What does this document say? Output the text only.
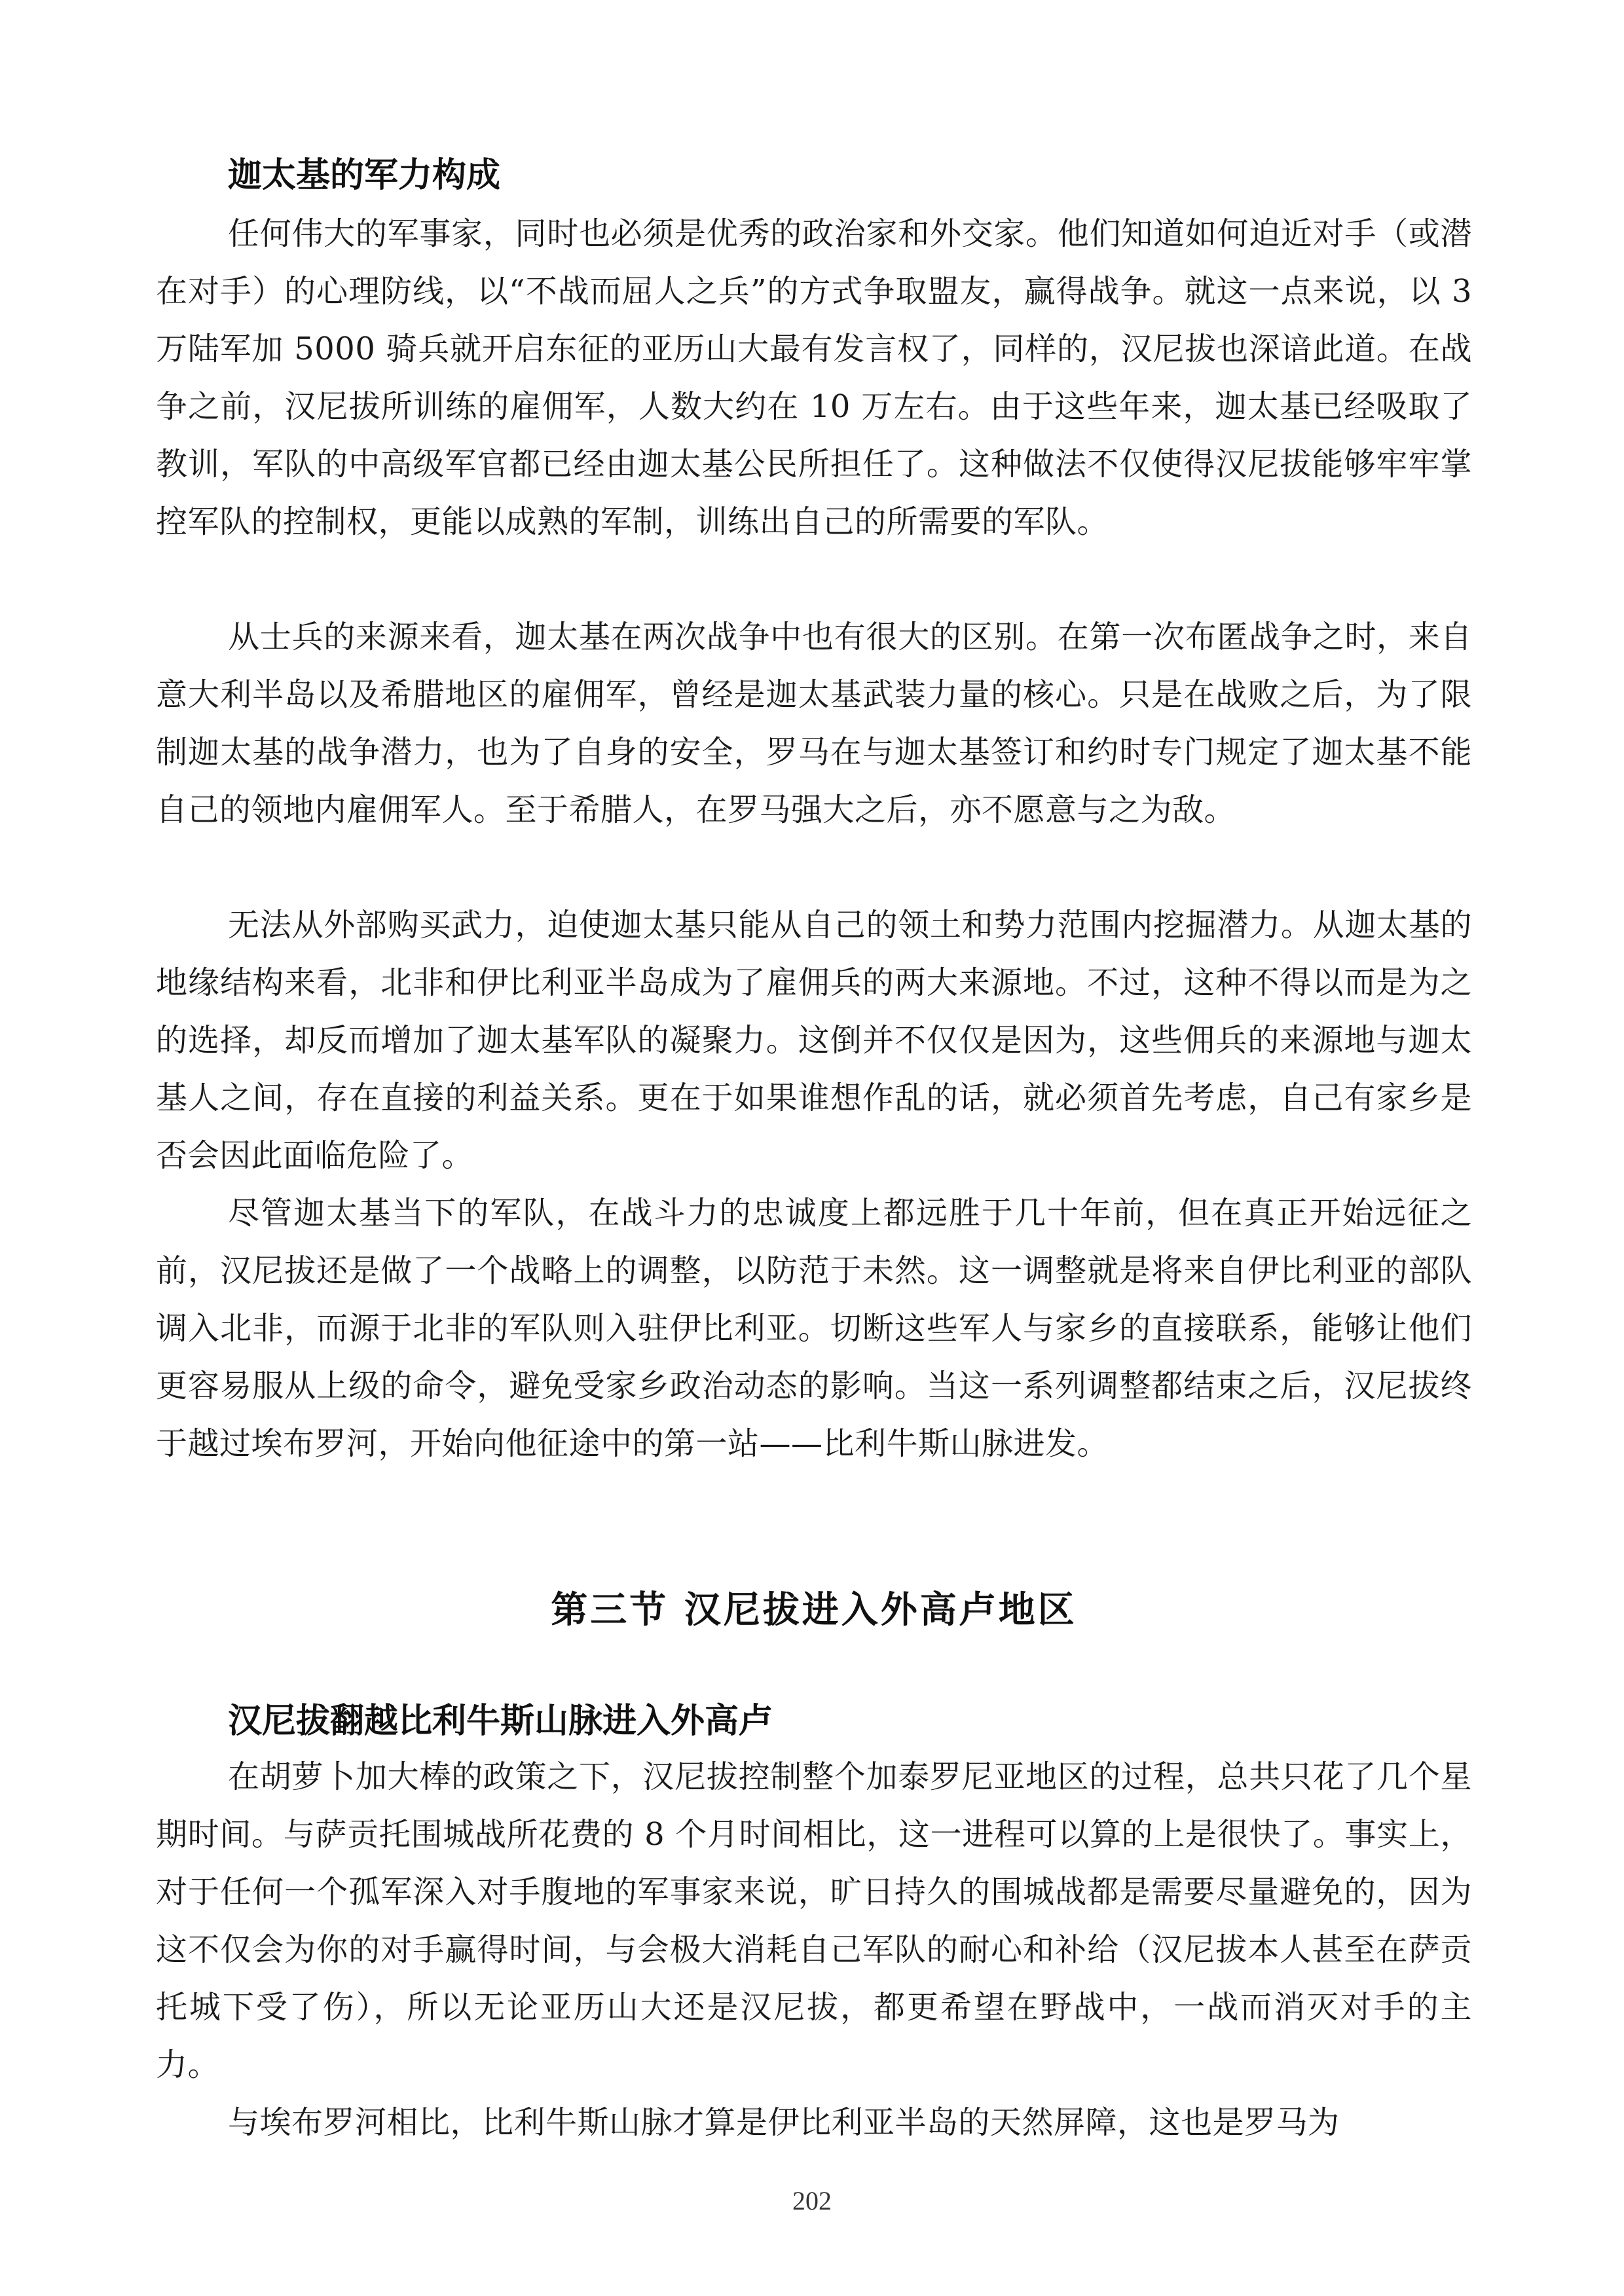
迦太基的军力构成
任何伟大的军事家，同时也必须是优秀的政治家和外交家。他们知道如何迫近对手（或潜在对手）的心理防线，以“不战而屈人之兵”的方式争取盟友，赢得战争。就这一点来说，以 3 万陆军加 5000 骑兵就开启东征的亚历山大最有发言权了，同样的，汉尼拔也深谙此道。在战争之前，汉尼拔所训练的雇佣军，人数大约在 10 万左右。由于这些年来，迦太基已经吸取了教训，军队的中高级军官都已经由迦太基公民所担任了。这种做法不仅使得汉尼拔能够牢牢掌控军队的控制权，更能以成熟的军制，训练出自己的所需要的军队。
从士兵的来源来看，迦太基在两次战争中也有很大的区别。在第一次布匿战争之时，来自意大利半岛以及希腊地区的雇佣军，曾经是迦太基武装力量的核心。只是在战败之后，为了限制迦太基的战争潜力，也为了自身的安全，罗马在与迦太基签订和约时专门规定了迦太基不能自己的领地内雇佣军人。至于希腊人，在罗马强大之后，亦不愿意与之为敌。
无法从外部购买武力，迫使迦太基只能从自己的领土和势力范围内挖掘潜力。从迦太基的地缘结构来看，北非和伊比利亚半岛成为了雇佣兵的两大来源地。不过，这种不得以而是为之的选择，却反而增加了迦太基军队的凝聚力。这倒并不仅仅是因为，这些佣兵的来源地与迦太基人之间，存在直接的利益关系。更在于如果谁想作乱的话，就必须首先考虑，自己有家乡是否会因此面临危险了。
尽管迦太基当下的军队，在战斗力的忠诚度上都远胜于几十年前，但在真正开始远征之前，汉尼拔还是做了一个战略上的调整，以防范于未然。这一调整就是将来自伊比利亚的部队调入北非，而源于北非的军队则入驻伊比利亚。切断这些军人与家乡的直接联系，能够让他们更容易服从上级的命令，避免受家乡政治动态的影响。当这一系列调整都结束之后，汉尼拔终于越过埃布罗河，开始向他征途中的第一站——比利牛斯山脉进发。
第三节 汉尼拔进入外高卢地区
汉尼拔翻越比利牛斯山脉进入外高卢
在胡萝卜加大棒的政策之下，汉尼拔控制整个加泰罗尼亚地区的过程，总共只花了几个星期时间。与萨贡托围城战所花费的 8 个月时间相比，这一进程可以算的上是很快了。事实上，对于任何一个孤军深入对手腹地的军事家来说，旷日持久的围城战都是需要尽量避免的，因为这不仅会为你的对手赢得时间，与会极大消耗自己军队的耐心和补给（汉尼拔本人甚至在萨贡托城下受了伤），所以无论亚历山大还是汉尼拔，都更希望在野战中，一战而消灭对手的主力。
与埃布罗河相比，比利牛斯山脉才算是伊比利亚半岛的天然屏障，这也是罗马为
202
